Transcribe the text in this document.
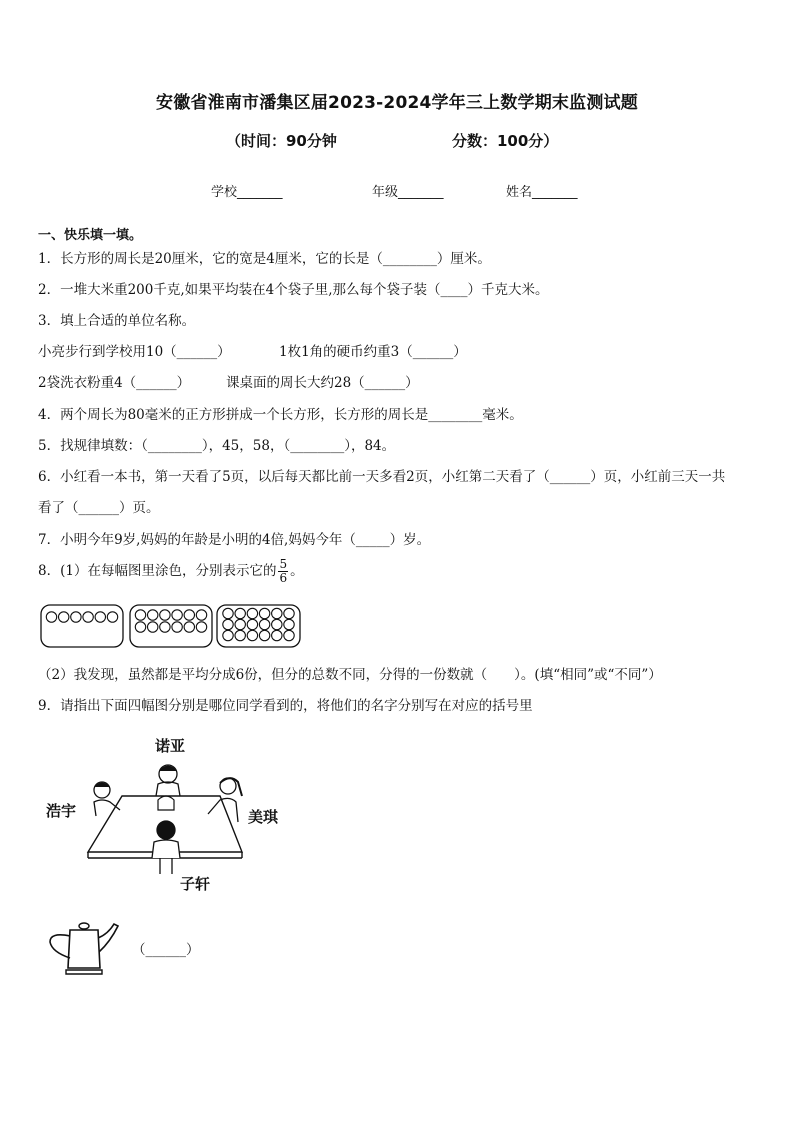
安徽省淮南市潘集区届2023-2024学年三上数学期末监测试题
（时间：90分钟	分数：100分）
学校_______	年级_______	姓名_______
一、快乐填一填。
1．长方形的周长是20厘米，它的宽是4厘米，它的长是（________）厘米。
2．一堆大米重200千克,如果平均装在4个袋子里,那么每个袋子装（____）千克大米。
3．填上合适的单位名称。
小亮步行到学校用10（______）	1枚1角的硬币约重3（______）
2袋洗衣粉重4（______）	课桌面的周长大约28（______）
4．两个周长为80毫米的正方形拼成一个长方形，长方形的周长是________毫米。
5．找规律填数：（________），45，58，（________），84。
6．小红看一本书，第一天看了5页，以后每天都比前一天多看2页，小红第二天看了（______）页，小红前三天一共
看了（______）页。
7．小明今年9岁,妈妈的年龄是小明的4倍,妈妈今年（_____）岁。
8．(1）在每幅图里涂色，分别表示它的 $\frac{5}{6}$ 。
（2）我发现，虽然都是平均分成6份，但分的总数不同，分得的一份数就（　　）。(填“相同”或“不同”）
9．请指出下面四幅图分别是哪位同学看到的，将他们的名字分别写在对应的括号里
诺亚
浩宇	美琪
子轩
（______）
